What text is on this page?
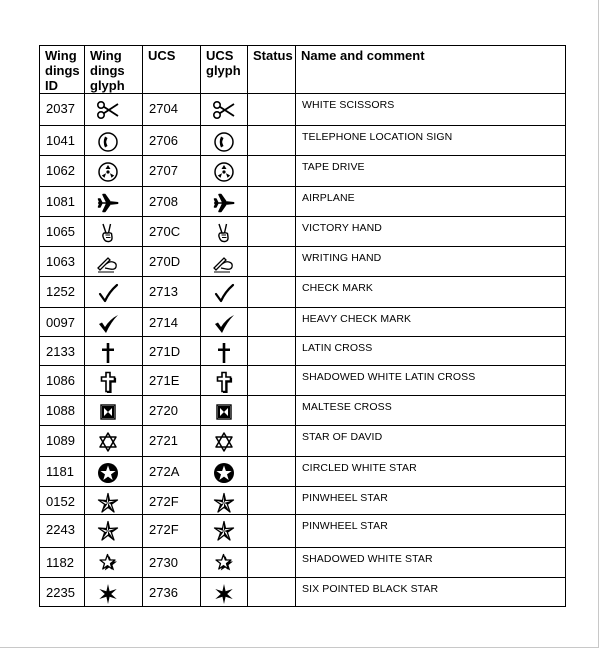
Wing dings ID	Wing dings glyph	UCS	UCS glyph	Status	Name and comment
2037		2704			WHITE SCISSORS
1041		2706			TELEPHONE LOCATION SIGN
1062		2707			TAPE DRIVE
1081		2708			AIRPLANE
1065		270C			VICTORY HAND
1063		270D			WRITING HAND
1252		2713			CHECK MARK
0097		2714			HEAVY CHECK MARK
2133		271D			LATIN CROSS
1086		271E			SHADOWED WHITE LATIN CROSS
1088		2720			MALTESE CROSS
1089		2721			STAR OF DAVID
1181		272A			CIRCLED WHITE STAR
0152		272F			PINWHEEL STAR
2243		272F			PINWHEEL STAR
1182		2730			SHADOWED WHITE STAR
2235		2736			SIX POINTED BLACK STAR
